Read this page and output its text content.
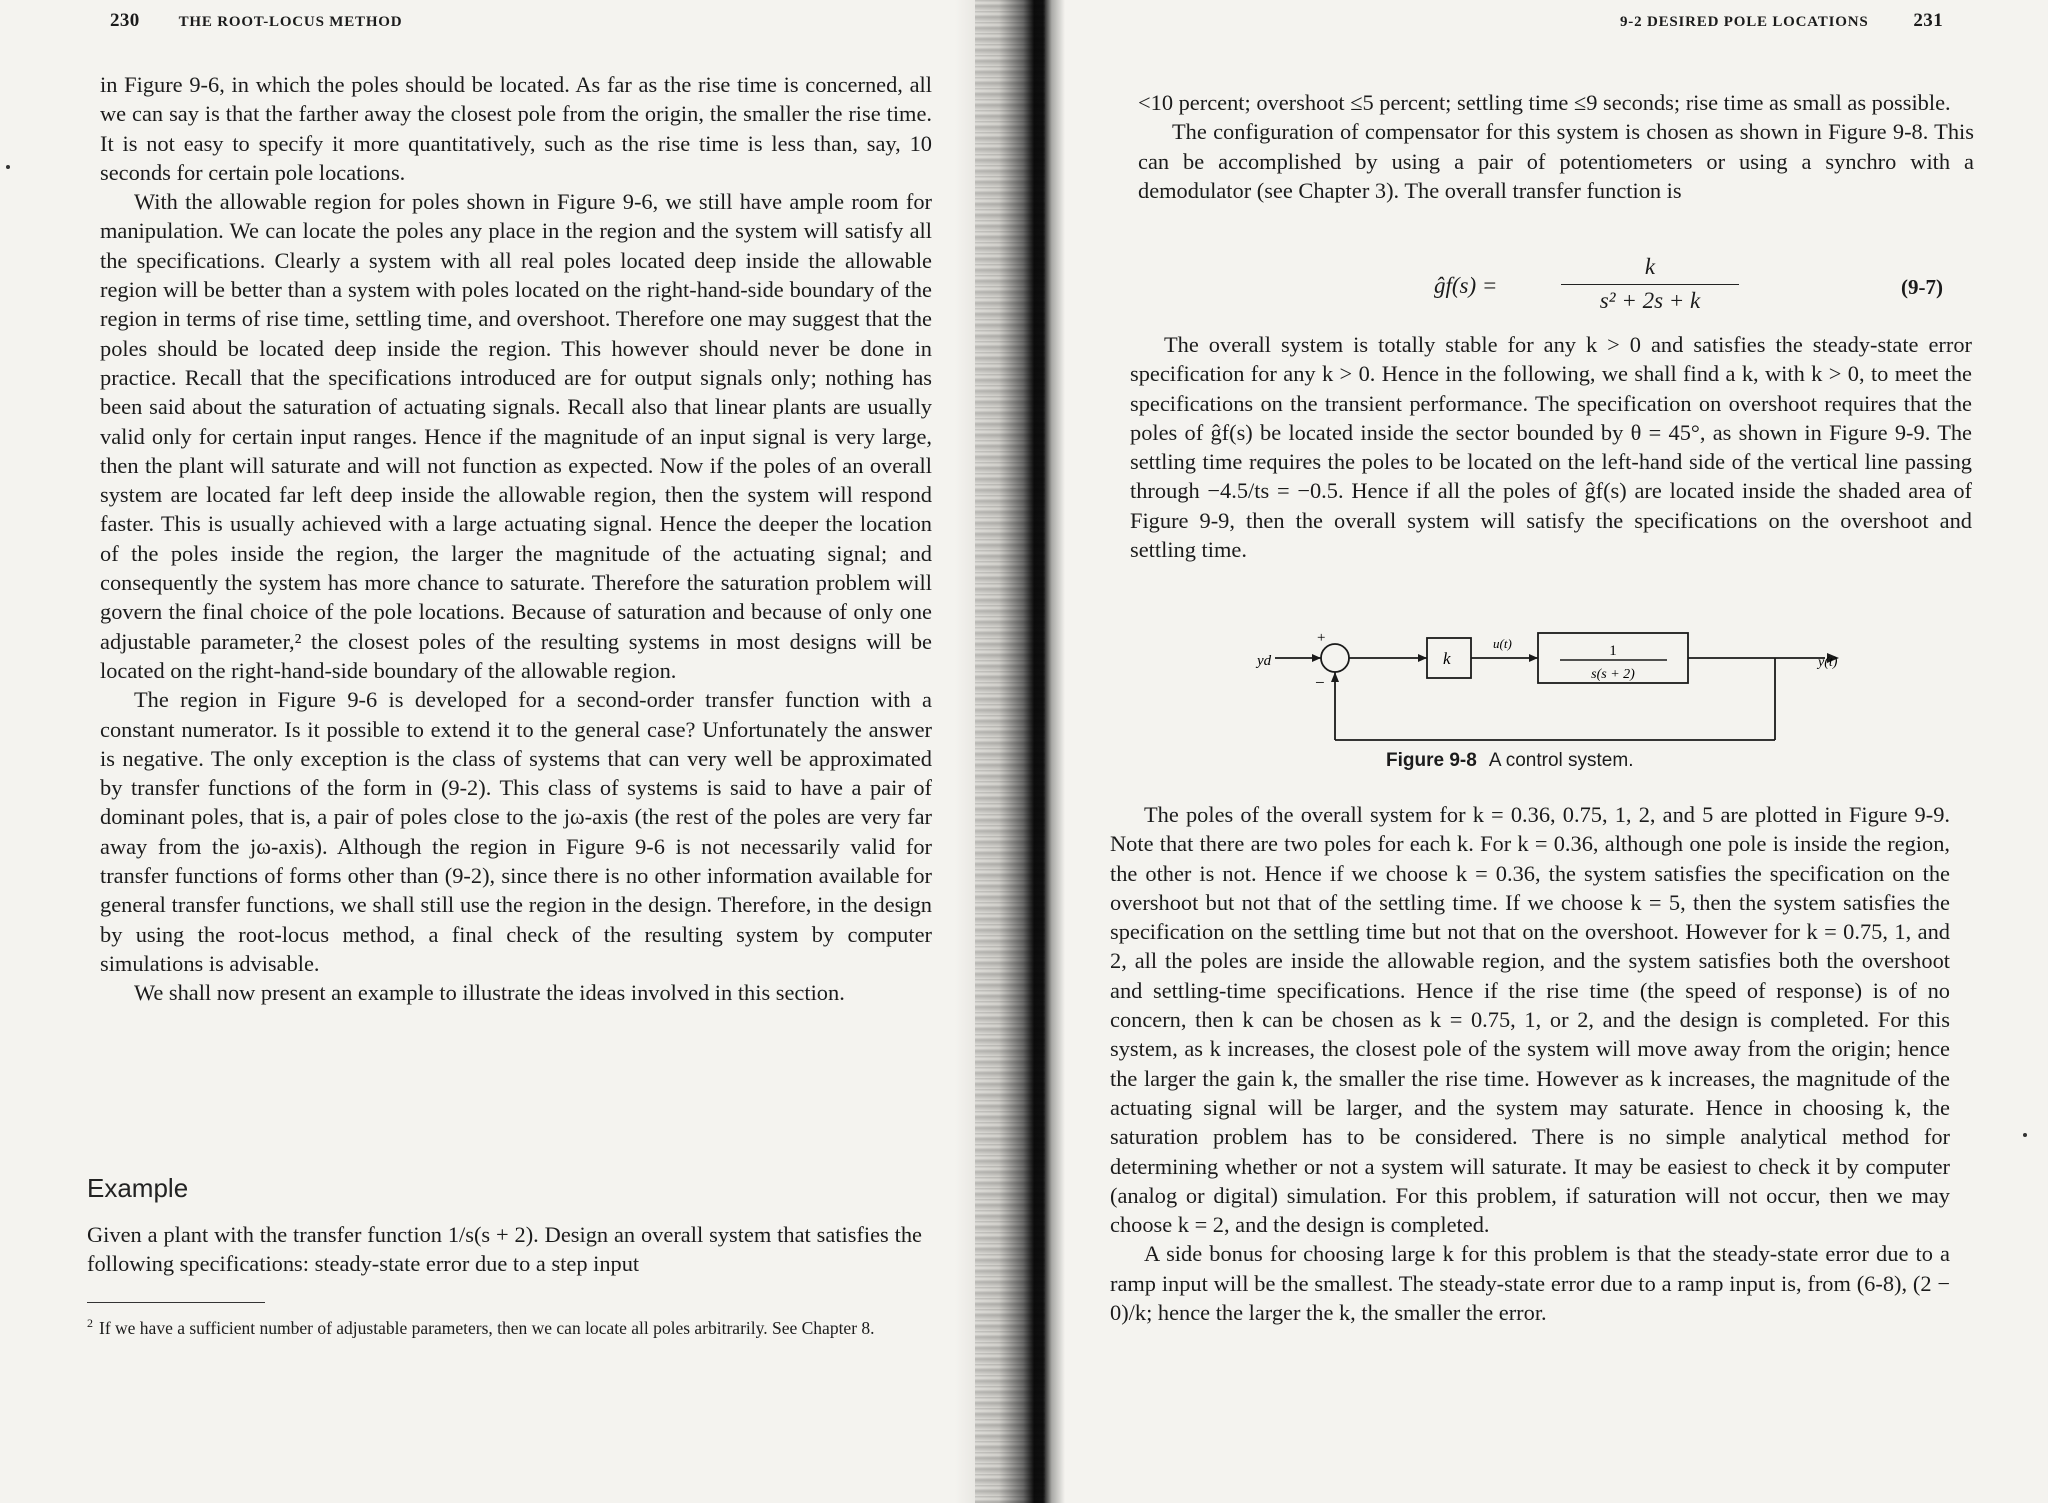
230	THE ROOT-LOCUS METHOD

in Figure 9-6, in which the poles should be located. As far as the rise time is concerned, all we can say is that the farther away the closest pole from the origin, the smaller the rise time. It is not easy to specify it more quantitatively, such as the rise time is less than, say, 10 seconds for certain pole locations.

With the allowable region for poles shown in Figure 9-6, we still have ample room for manipulation. We can locate the poles any place in the region and the system will satisfy all the specifications. Clearly a system with all real poles located deep inside the allowable region will be better than a system with poles located on the right-hand-side boundary of the region in terms of rise time, settling time, and overshoot. Therefore one may suggest that the poles should be located deep inside the region. This however should never be done in practice. Recall that the specifications introduced are for output signals only; nothing has been said about the saturation of actuating signals. Recall also that linear plants are usually valid only for certain input ranges. Hence if the magnitude of an input signal is very large, then the plant will saturate and will not function as expected. Now if the poles of an overall system are located far left deep inside the allowable region, then the system will respond faster. This is usually achieved with a large actuating signal. Hence the deeper the location of the poles inside the region, the larger the magnitude of the actuating signal; and consequently the system has more chance to saturate. Therefore the saturation problem will govern the final choice of the pole locations. Because of saturation and because of only one adjustable parameter,² the closest poles of the resulting systems in most designs will be located on the right-hand-side boundary of the allowable region.

The region in Figure 9-6 is developed for a second-order transfer function with a constant numerator. Is it possible to extend it to the general case? Unfortunately the answer is negative. The only exception is the class of systems that can very well be approximated by transfer functions of the form in (9-2). This class of systems is said to have a pair of dominant poles, that is, a pair of poles close to the jω-axis (the rest of the poles are very far away from the jω-axis). Although the region in Figure 9-6 is not necessarily valid for transfer functions of forms other than (9-2), since there is no other information available for general transfer functions, we shall still use the region in the design. Therefore, in the design by using the root-locus method, a final check of the resulting system by computer simulations is advisable.

We shall now present an example to illustrate the ideas involved in this section.

Example

Given a plant with the transfer function 1/s(s + 2). Design an overall system that satisfies the following specifications: steady-state error due to a step input

$^2$ If we have a sufficient number of adjustable parameters, then we can locate all poles arbitrarily. See Chapter 8.
9-2 DESIRED POLE LOCATIONS 231

<10 percent; overshoot ≤5 percent; settling time ≤9 seconds; rise time as small as possible.

The configuration of compensator for this system is chosen as shown in Figure 9-8. This can be accomplished by using a pair of potentiometers or using a synchro with a demodulator (see Chapter 3). The overall transfer function is

ĝf(s) =
k
s² + 2s + k
(9-7)

The overall system is totally stable for any k > 0 and satisfies the steady-state error specification for any k > 0. Hence in the following, we shall find a k, with k > 0, to meet the specifications on the transient performance. The specification on overshoot requires that the poles of ĝf(s) be located inside the sector bounded by θ = 45°, as shown in Figure 9-9. The settling time requires the poles to be located on the left-hand side of the vertical line passing through −4.5/ts = −0.5. Hence if all the poles of ĝf(s) are located inside the shaded area of Figure 9-9, then the overall system will satisfy the specifications on the overshoot and settling time.

yd
+
−
k
u(t)	1
s(s + 2)
y(t)
Figure 9-8 A control system.

The poles of the overall system for k = 0.36, 0.75, 1, 2, and 5 are plotted in Figure 9-9. Note that there are two poles for each k. For k = 0.36, although one pole is inside the region, the other is not. Hence if we choose k = 0.36, the system satisfies the specification on the overshoot but not that of the settling time. If we choose k = 5, then the system satisfies the specification on the settling time but not that on the overshoot. However for k = 0.75, 1, and 2, all the poles are inside the allowable region, and the system satisfies both the overshoot and settling-time specifications. Hence if the rise time (the speed of response) is of no concern, then k can be chosen as k = 0.75, 1, or 2, and the design is completed. For this system, as k increases, the closest pole of the system will move away from the origin; hence the larger the gain k, the smaller the rise time. However as k increases, the magnitude of the actuating signal will be larger, and the system may saturate. Hence in choosing k, the saturation problem has to be considered. There is no simple analytical method for determining whether or not a system will saturate. It may be easiest to check it by computer (analog or digital) simulation. For this problem, if saturation will not occur, then we may choose k = 2, and the design is completed.

A side bonus for choosing large k for this problem is that the steady-state error due to a ramp input will be the smallest. The steady-state error due to a ramp input is, from (6-8), (2 − 0)/k; hence the larger the k, the smaller the error.
